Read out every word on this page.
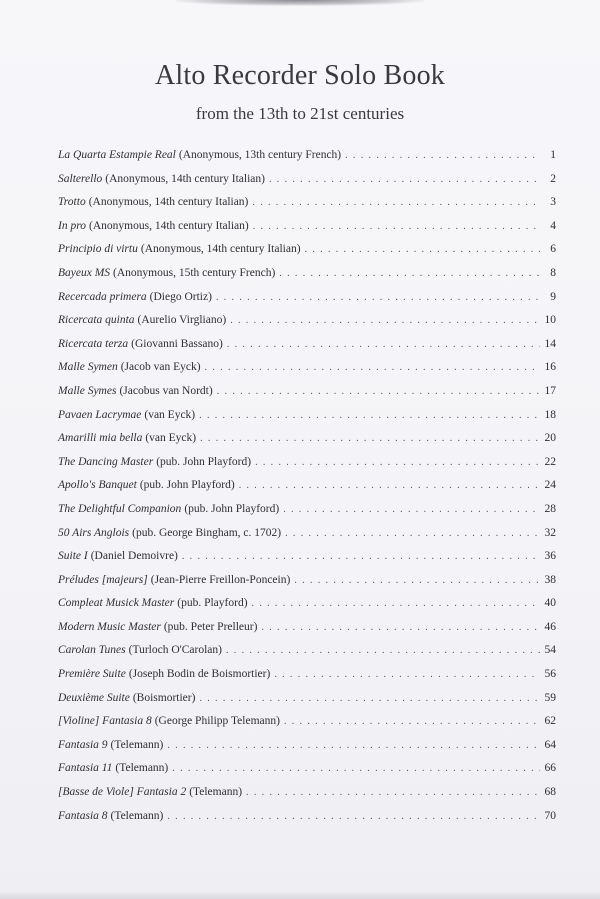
Alto Recorder Solo Book
from the 13th to 21st centuries
La Quarta Estampie Real (Anonymous, 13th century French) . . .	1
Salterello (Anonymous, 14th century Italian) . . .	2
Trotto (Anonymous, 14th century Italian) . . .	3
In pro (Anonymous, 14th century Italian) . . .	4
Principio di virtu (Anonymous, 14th century Italian) . . .	6
Bayeux MS (Anonymous, 15th century French) . . .	8
Recercada primera (Diego Ortiz) . . .	9
Ricercata quinta (Aurelio Virgliano) . . .	10
Ricercata terza (Giovanni Bassano) . . .	14
Malle Symen (Jacob van Eyck) . . .	16
Malle Symes (Jacobus van Nordt) . . .	17
Pavaen Lacrymae (van Eyck) . . .	18
Amarilli mia bella (van Eyck) . . .	20
The Dancing Master (pub. John Playford) . . .	22
Apollo's Banquet (pub. John Playford) . . .	24
The Delightful Companion (pub. John Playford) . . .	28
50 Airs Anglois (pub. George Bingham, c. 1702) . . .	32
Suite I (Daniel Demoivre) . . .	36
Préludes [majeurs] (Jean-Pierre Freillon-Poncein) . . .	38
Compleat Musick Master (pub. Playford) . . .	40
Modern Music Master (pub. Peter Prelleur) . . .	46
Carolan Tunes (Turloch O'Carolan) . . .	54
Première Suite (Joseph Bodin de Boismortier) . . .	56
Deuxième Suite (Boismortier) . . .	59
[Violine] Fantasia 8 (George Philipp Telemann) . . .	62
Fantasia 9 (Telemann) . . .	64
Fantasia 11 (Telemann) . . .	66
[Basse de Viole] Fantasia 2 (Telemann) . . .	68
Fantasia 8 (Telemann) . . .	70
